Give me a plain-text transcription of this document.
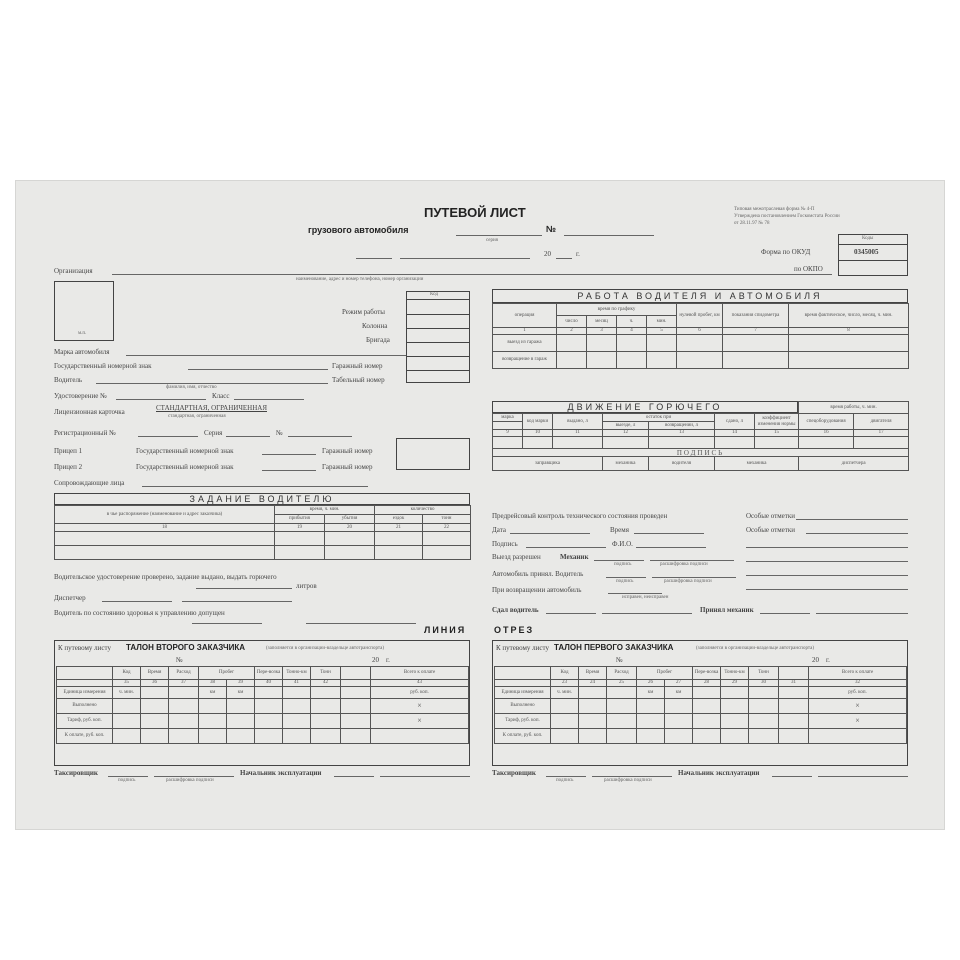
ПУТЕВОЙ ЛИСТ
грузового автомобиля	№
серия
20	г.
Типовая межотраслевая форма № 4-П
Утверждена постановлением Госкомстата России
от 28.11.97 № 78
Коды
Форма по ОКУД	0345005
по ОКПО
Организация
наименование, адрес и номер телефона, номер организации
м.п.
Код
Режим работы
Колонна
Бригада
Марка автомобиля
Государственный номерной знак	Гаражный номер
Водитель
фамилия, имя, отчество
Табельный номер
Удостоверение №	Класс
Лицензионная карточка	СТАНДАРТНАЯ, ОГРАНИЧЕННАЯ
стандартная, ограниченная
Регистрационный №	Серия	№
Прицеп 1	Государственный номерной знак	Гаражный номер
Прицеп 2	Государственный номерной знак	Гаражный номер
Сопровождающие лица
ЗАДАНИЕ ВОДИТЕЛЮ
в чье распоряжение (наименование и адрес заказчика)	время, ч. мин.		количество	
	прибытия	убытия	ездок	тонн
18	19	20	21	22

Водительское удостоверение проверено, задание выдано, выдать горючего
литров
Диспетчер
Водитель по состоянию здоровья к управлению допущен
РАБОТА ВОДИТЕЛЯ И АВТОМОБИЛЯ
операция	время по графику				нулевой пробег, км	показания спидометра	время фактическое, число, месяц, ч. мин.
	число	месяц	ч.	мин.			
1	2	3	4	5	6	7	8
выезд из гаража							
возвращение в гараж							
ДВИЖЕНИЕ ГОРЮЧЕГО
							время работы, ч. мин.	
марка	код марки	выдано, л	остаток при		сдано, л	коэффициент изменения нормы	спецоборудования	двигателя
			выезде, л	возвращении, л				
9	10	11	12	13	14	15	16	17

ПОДПИСЬ								
заправщика			механика	водителя	механика		диспетчера	
Предрейсовый контроль технического состояния проведен
Дата	Время
Подпись	Ф.И.О.
Выезд разрешен	Механик
подпись	расшифровка подписи
Автомобиль принял. Водитель
подпись	расшифровка подписи
При возвращении автомобиль
исправен, неисправен
Сдал водитель	Принял механик
Особые отметки
Особые отметки
ЛИНИЯ	ОТРЕЗ
К путевому листу ТАЛОН ВТОРОГО ЗАКАЗЧИКА	(заполняется в организации-владельце автотранспорта)
№	20 г.
	Код	Время	Расход	Пробег		Пере-возка	Тонно-км	Тонн		Всего к оплате
	35	36	37	38	39	40	41	42		43
Единица измерения	ч. мин.			км	км					руб. коп.
Выполнено										×
Тариф, руб. коп.										×
К оплате, руб. коп.										
Таксировщик	Начальник эксплуатации
подпись	расшифровка подписи
К путевому листу ТАЛОН ПЕРВОГО ЗАКАЗЧИКА	(заполняется в организации-владельце автотранспорта)
№	20 г.
	Код	Время	Расход	Пробег		Пере-возка	Тонно-км	Тонн		Всего к оплате
	23	24	25	26	27	28	29	30	31	32
Единица измерения	ч. мин.			км	км					руб. коп.
Выполнено										×
Тариф, руб. коп.										×
К оплате, руб. коп.										
Таксировщик	Начальник эксплуатации
подпись	расшифровка подписи
